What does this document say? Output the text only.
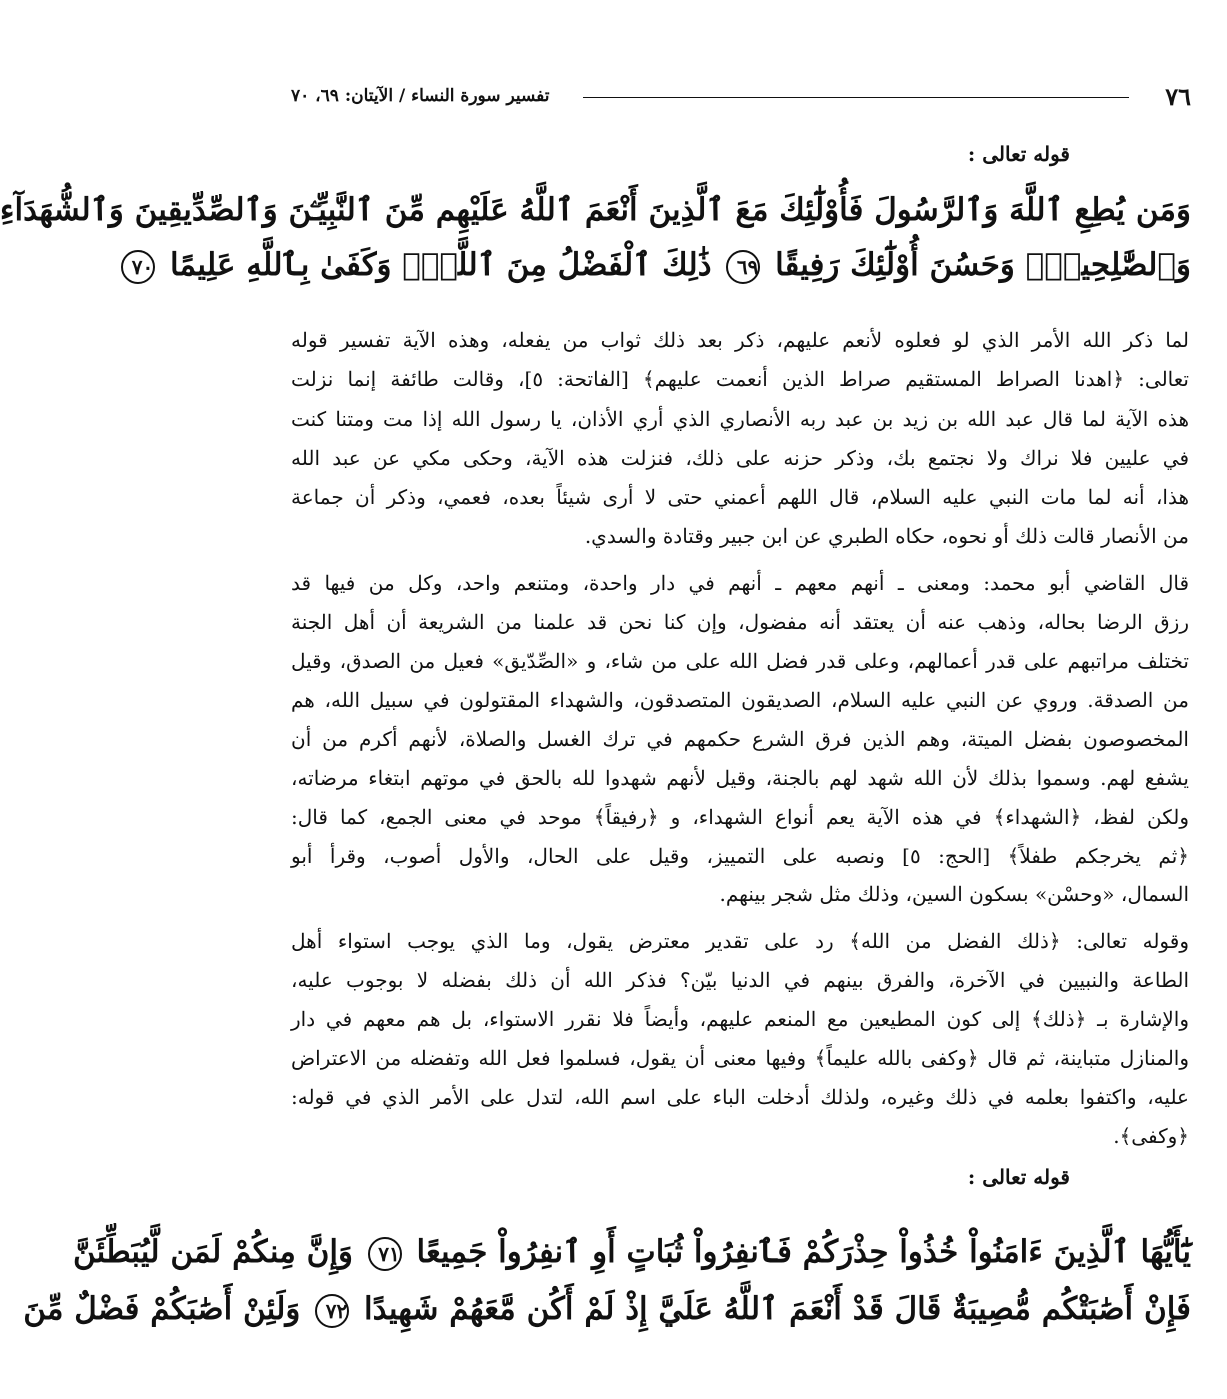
٧٦
تفسير سورة النساء / الآيتان: ٦٩، ٧٠
قوله تعالى :
وَمَن يُطِعِ ٱللَّهَ وَٱلرَّسُولَ فَأُوْلَٰٓئِكَ مَعَ ٱلَّذِينَ أَنْعَمَ ٱللَّهُ عَلَيْهِم مِّنَ ٱلنَّبِيِّـۧنَ وَٱلصِّدِّيقِينَ وَٱلشُّهَدَآءِ
وَٱلصَّٰلِحِينَۚ وَحَسُنَ أُوْلَٰٓئِكَ رَفِيقًا ٦٩ ذَٰلِكَ ٱلْفَضْلُ مِنَ ٱللَّهِۚ وَكَفَىٰ بِٱللَّهِ عَلِيمًا ٧٠
لما ذكر الله الأمر الذي لو فعلوه لأنعم عليهم، ذكر بعد ذلك ثواب من يفعله، وهذه الآية تفسير قوله
تعالى: ﴿اهدنا الصراط المستقيم صراط الذين أنعمت عليهم﴾ [الفاتحة: ٥]، وقالت طائفة إنما نزلت
هذه الآية لما قال عبد الله بن زيد بن عبد ربه الأنصاري الذي أري الأذان، يا رسول الله إذا مت ومتنا كنت
في عليين فلا نراك ولا نجتمع بك، وذكر حزنه على ذلك، فنزلت هذه الآية، وحكى مكي عن عبد الله
هذا، أنه لما مات النبي عليه السلام، قال اللهم أعمني حتى لا أرى شيئاً بعده، فعمي، وذكر أن جماعة
من الأنصار قالت ذلك أو نحوه، حكاه الطبري عن ابن جبير وقتادة والسدي.
قال القاضي أبو محمد: ومعنى ـ أنهم معهم ـ أنهم في دار واحدة، ومتنعم واحد، وكل من فيها قد
رزق الرضا بحاله، وذهب عنه أن يعتقد أنه مفضول، وإن كنا نحن قد علمنا من الشريعة أن أهل الجنة
تختلف مراتبهم على قدر أعمالهم، وعلى قدر فضل الله على من شاء، و «الصِّدّيق» فعيل من الصدق، وقيل
من الصدقة. وروي عن النبي عليه السلام، الصديقون المتصدقون، والشهداء المقتولون في سبيل الله، هم
المخصوصون بفضل الميتة، وهم الذين فرق الشرع حكمهم في ترك الغسل والصلاة، لأنهم أكرم من أن
يشفع لهم. وسموا بذلك لأن الله شهد لهم بالجنة، وقيل لأنهم شهدوا لله بالحق في موتهم ابتغاء مرضاته،
ولكن لفظ، ﴿الشهداء﴾ في هذه الآية يعم أنواع الشهداء، و ﴿رفيقاً﴾ موحد في معنى الجمع، كما قال:
﴿ثم يخرجكم طفلاً﴾ [الحج: ٥] ونصبه على التمييز، وقيل على الحال، والأول أصوب، وقرأ أبو
السمال، «وحسْن» بسكون السين، وذلك مثل شجر بينهم.
وقوله تعالى: ﴿ذلك الفضل من الله﴾ رد على تقدير معترض يقول، وما الذي يوجب استواء أهل
الطاعة والنبيين في الآخرة، والفرق بينهم في الدنيا بيّن؟ فذكر الله أن ذلك بفضله لا بوجوب عليه،
والإشارة بـ ﴿ذلك﴾ إلى كون المطيعين مع المنعم عليهم، وأيضاً فلا نقرر الاستواء، بل هم معهم في دار
والمنازل متباينة، ثم قال ﴿وكفى بالله عليماً﴾ وفيها معنى أن يقول، فسلموا فعل الله وتفضله من الاعتراض
عليه، واكتفوا بعلمه في ذلك وغيره، ولذلك أدخلت الباء على اسم الله، لتدل على الأمر الذي في قوله:
﴿وكفى﴾.
قوله تعالى :
يَٰٓأَيُّهَا ٱلَّذِينَ ءَامَنُواْ خُذُواْ حِذْرَكُمْ فَٱنفِرُواْ ثُبَاتٍ أَوِ ٱنفِرُواْ جَمِيعًا ٧١ وَإِنَّ مِنكُمْ لَمَن لَّيُبَطِّئَنَّ
فَإِنْ أَصَٰبَتْكُم مُّصِيبَةٌ قَالَ قَدْ أَنْعَمَ ٱللَّهُ عَلَيَّ إِذْ لَمْ أَكُن مَّعَهُمْ شَهِيدًا ٧٢ وَلَئِنْ أَصَٰبَكُمْ فَضْلٌ مِّنَ
